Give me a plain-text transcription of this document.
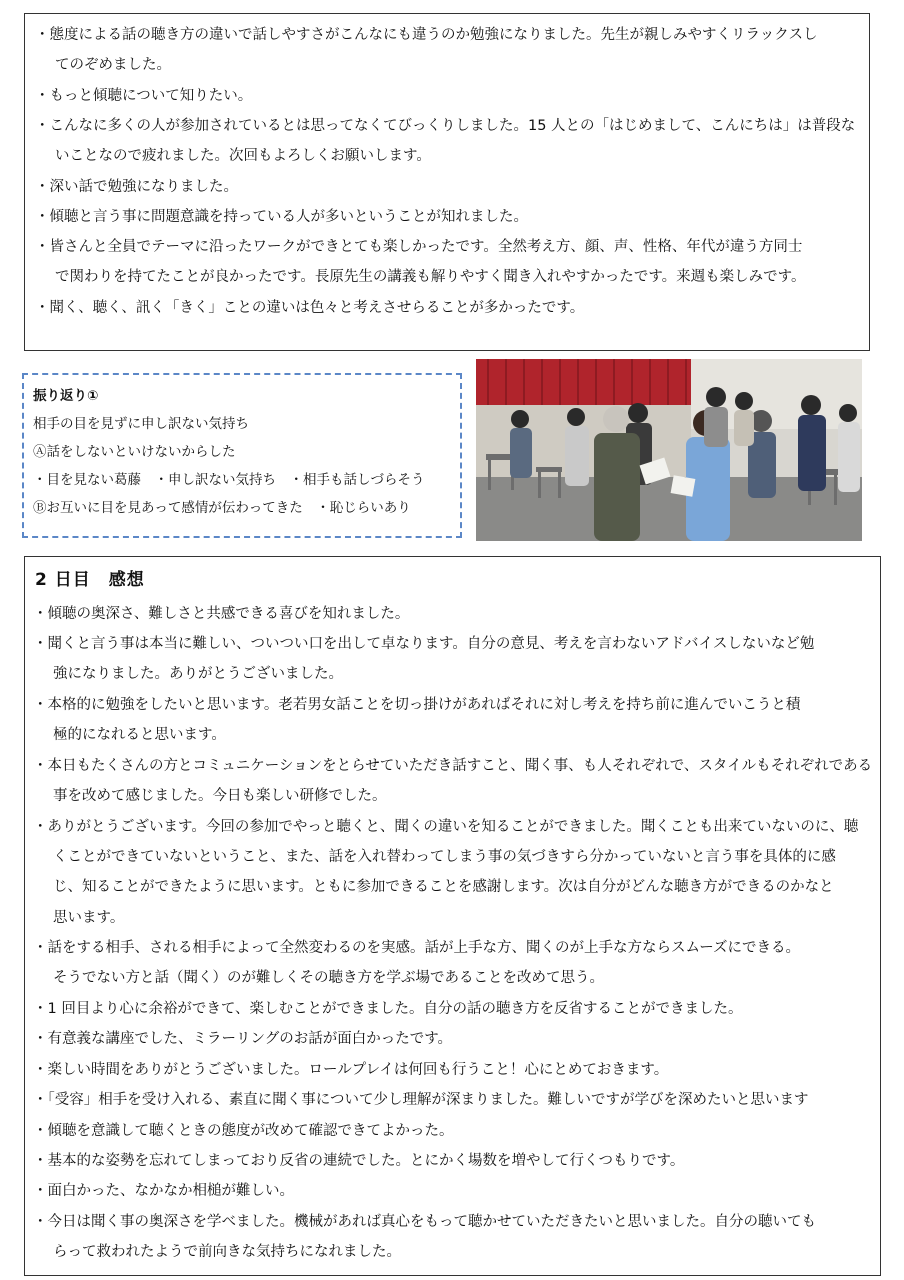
・態度による話の聴き方の違いで話しやすさがこんなにも違うのか勉強になりました。先生が親しみやすくリラックスし
てのぞめました。
・もっと傾聴について知りたい。
・こんなに多くの人が参加されているとは思ってなくてびっくりしました。15 人との「はじめまして、こんにちは」は普段な
いことなので疲れました。次回もよろしくお願いします。
・深い話で勉強になりました。
・傾聴と言う事に問題意識を持っている人が多いということが知れました。
・皆さんと全員でテーマに沿ったワークができとても楽しかったです。全然考え方、顔、声、性格、年代が違う方同士
で関わりを持てたことが良かったです。長原先生の講義も解りやすく聞き入れやすかったです。来週も楽しみです。
・聞く、聴く、訊く「きく」ことの違いは色々と考えさせらることが多かったです。
振り返り①
相手の目を見ずに申し訳ない気持ち
Ⓐ話をしないといけないからした
・目を見ない葛藤　・申し訳ない気持ち　・相手も話しづらそう
Ⓑお互いに目を見あって感情が伝わってきた　・恥じらいあり
2 日目　感想
・傾聴の奥深さ、難しさと共感できる喜びを知れました。
・聞くと言う事は本当に難しい、ついつい口を出して卓なります。自分の意見、考えを言わないアドバイスしないなど勉
強になりました。ありがとうございました。
・本格的に勉強をしたいと思います。老若男女話ことを切っ掛けがあればそれに対し考えを持ち前に進んでいこうと積
極的になれると思います。
・本日もたくさんの方とコミュニケーションをとらせていただき話すこと、聞く事、も人それぞれで、スタイルもそれぞれである
事を改めて感じました。今日も楽しい研修でした。
・ありがとうございます。今回の参加でやっと聴くと、聞くの違いを知ることができました。聞くことも出来ていないのに、聴
くことができていないということ、また、話を入れ替わってしまう事の気づきすら分かっていないと言う事を具体的に感
じ、知ることができたように思います。ともに参加できることを感謝します。次は自分がどんな聴き方ができるのかなと
思います。
・話をする相手、される相手によって全然変わるのを実感。話が上手な方、聞くのが上手な方ならスムーズにできる。
そうでない方と話（聞く）のが難しくその聴き方を学ぶ場であることを改めて思う。
・1 回目より心に余裕ができて、楽しむことができました。自分の話の聴き方を反省することができました。
・有意義な講座でした、ミラーリングのお話が面白かったです。
・楽しい時間をありがとうございました。ロールプレイは何回も行うこと！心にとめておきます。
・「受容」相手を受け入れる、素直に聞く事について少し理解が深まりました。難しいですが学びを深めたいと思います
・傾聴を意識して聴くときの態度が改めて確認できてよかった。
・基本的な姿勢を忘れてしまっており反省の連続でした。とにかく場数を増やして行くつもりです。
・面白かった、なかなか相槌が難しい。
・今日は聞く事の奥深さを学べました。機械があれば真心をもって聴かせていただきたいと思いました。自分の聴いても
らって救われたようで前向きな気持ちになれました。
